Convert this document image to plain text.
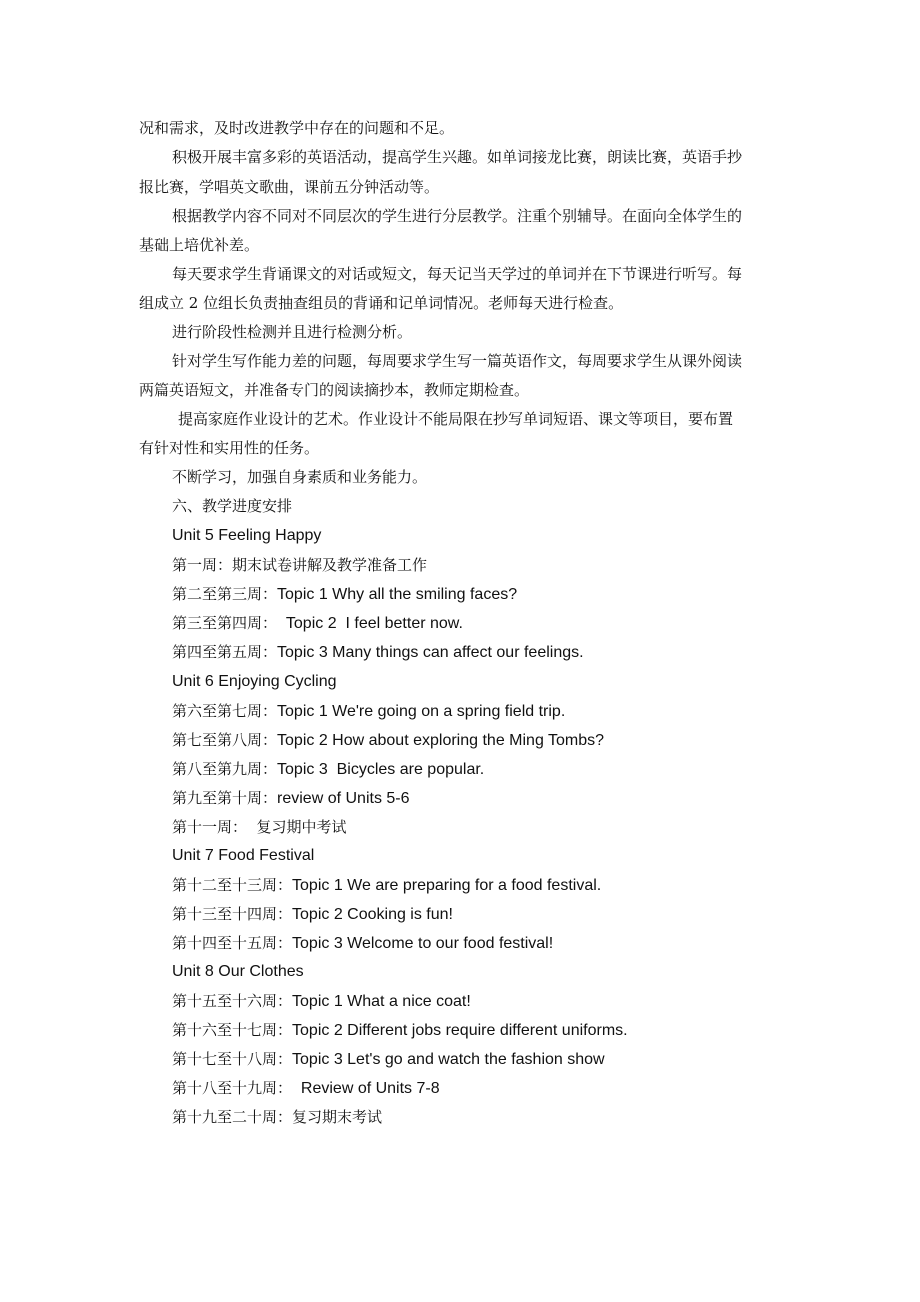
况和需求，及时改进教学中存在的问题和不足。
积极开展丰富多彩的英语活动，提高学生兴趣。如单词接龙比赛，朗读比赛，英语手抄
报比赛，学唱英文歌曲，课前五分钟活动等。
根据教学内容不同对不同层次的学生进行分层教学。注重个别辅导。在面向全体学生的
基础上培优补差。
每天要求学生背诵课文的对话或短文，每天记当天学过的单词并在下节课进行听写。每
组成立 2 位组长负责抽查组员的背诵和记单词情况。老师每天进行检查。
进行阶段性检测并且进行检测分析。
针对学生写作能力差的问题，每周要求学生写一篇英语作文，每周要求学生从课外阅读
两篇英语短文，并准备专门的阅读摘抄本，教师定期检查。
提高家庭作业设计的艺术。作业设计不能局限在抄写单词短语、课文等项目，要布置
有针对性和实用性的任务。
不断学习，加强自身素质和业务能力。
六、教学进度安排
Unit 5 Feeling Happy
第一周：期末试卷讲解及教学准备工作
第二至第三周：Topic 1 Why all the smiling faces?
第三至第四周：  Topic 2  I feel better now.
第四至第五周：Topic 3 Many things can affect our feelings.
Unit 6 Enjoying Cycling
第六至第七周：Topic 1 We're going on a spring field trip.
第七至第八周：Topic 2 How about exploring the Ming Tombs?
第八至第九周：Topic 3  Bicycles are popular.
第九至第十周：review of Units 5-6
第十一周：  复习期中考试
Unit 7 Food Festival
第十二至十三周：Topic 1 We are preparing for a food festival.
第十三至十四周：Topic 2 Cooking is fun!
第十四至十五周：Topic 3 Welcome to our food festival!
Unit 8 Our Clothes
第十五至十六周：Topic 1 What a nice coat!
第十六至十七周：Topic 2 Different jobs require different uniforms.
第十七至十八周：Topic 3 Let's go and watch the fashion show
第十八至十九周：  Review of Units 7-8
第十九至二十周：复习期末考试
